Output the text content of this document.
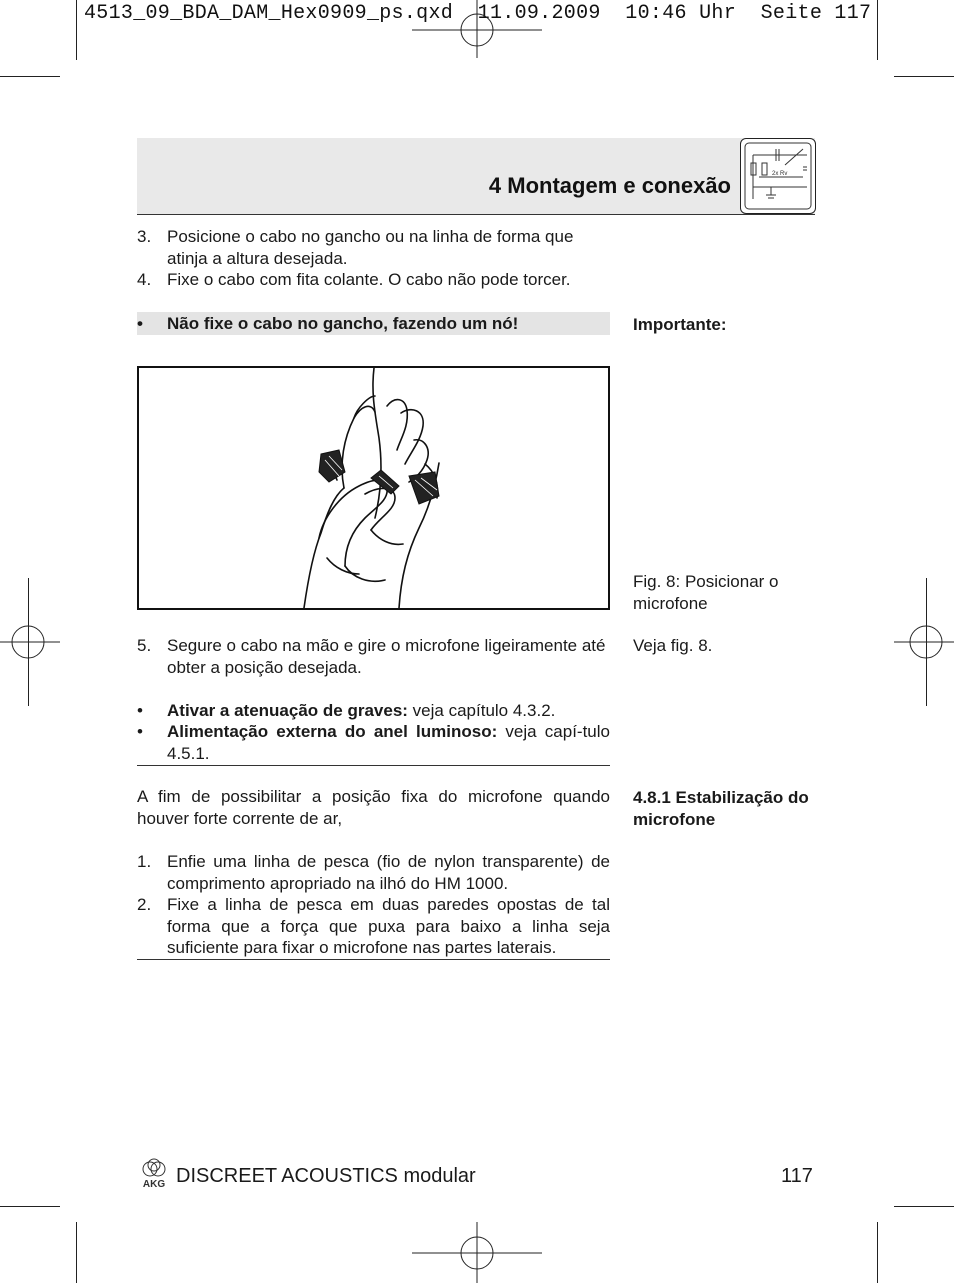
4513_09_BDA_DAM_Hex0909_ps.qxd  11.09.2009  10:46 Uhr  Seite 117
4 Montagem e conexão	2x Rv
3. Posicione o cabo no gancho ou na linha de forma que atinja a altura desejada.
4. Fixe o cabo com fita colante. O cabo não pode torcer.
•	Não fixe o cabo no gancho, fazendo um nó!	Importante:
Fig. 8: Posicionar o microfone
5. Segure o cabo na mão e gire o microfone ligeiramente até obter a posição desejada.
Veja fig. 8.
•	Ativar a atenuação de graves: veja capítulo 4.3.2.
•	Alimentação externa do anel luminoso: veja capí-tulo 4.5.1.
4.8.1 Estabilização do microfone
A fim de possibilitar a posição fixa do microfone quando houver forte corrente de ar,
1. Enfie uma linha de pesca (fio de nylon transparente) de comprimento apropriado na ilhó do HM 1000.
2. Fixe a linha de pesca em duas paredes opostas de tal forma que a força que puxa para baixo a linha seja suficiente para fixar o microfone nas partes laterais.
AKG DISCREET ACOUSTICS modular	117
